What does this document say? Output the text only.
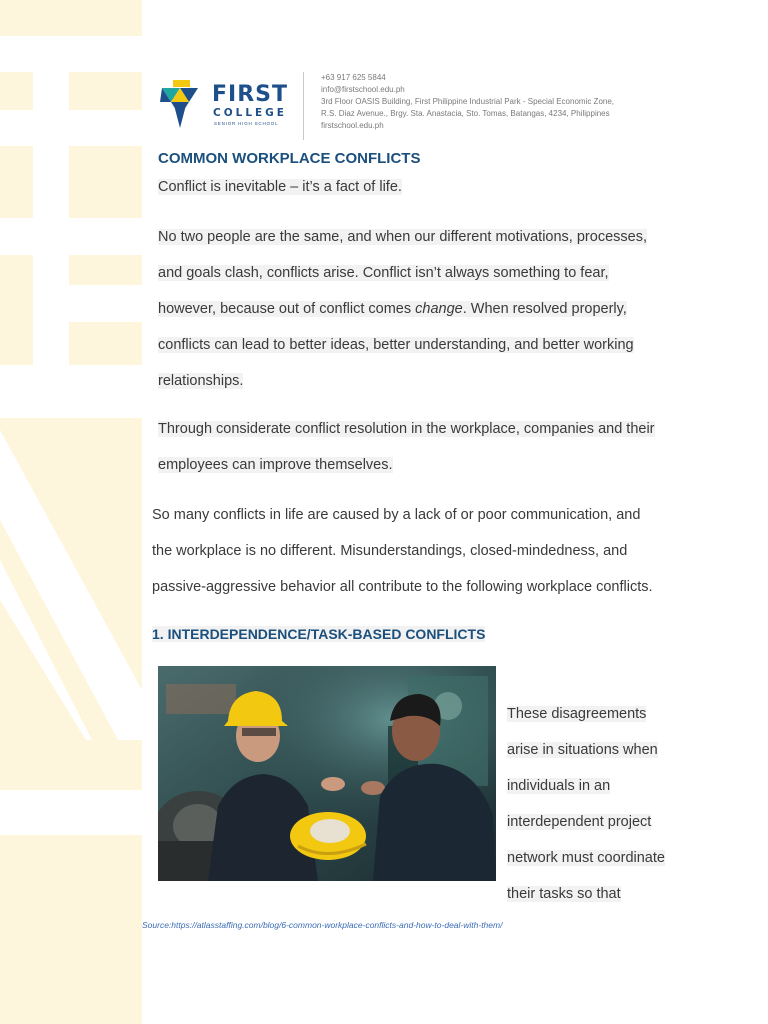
FIRST
COLLEGE
SENIOR HIGH SCHOOL
+63 917 625 5844
info@firstschool.edu.ph
3rd Floor OASIS Building, First Philippine Industrial Park - Special Economic Zone,
R.S. Diaz Avenue., Brgy. Sta. Anastacia, Sto. Tomas, Batangas, 4234, Philippines
firstschool.edu.ph
COMMON WORKPLACE CONFLICTS

Conflict is inevitable – it’s a fact of life.

No two people are the same, and when our different motivations, processes,
and goals clash, conflicts arise. Conflict isn’t always something to fear,
however, because out of conflict comes change. When resolved properly,
conflicts can lead to better ideas, better understanding, and better working
relationships.

Through considerate conflict resolution in the workplace, companies and their
employees can improve themselves.

So many conflicts in life are caused by a lack of or poor communication, and
the workplace is no different. Misunderstandings, closed-mindedness, and
passive-aggressive behavior all contribute to the following workplace conflicts.

1. INTERDEPENDENCE/TASK-BASED CONFLICTS

These disagreements
arise in situations when
individuals in an
interdependent project
network must coordinate
their tasks so that

Source:https://atlasstaffing.com/blog/6-common-workplace-conflicts-and-how-to-deal-with-them/
